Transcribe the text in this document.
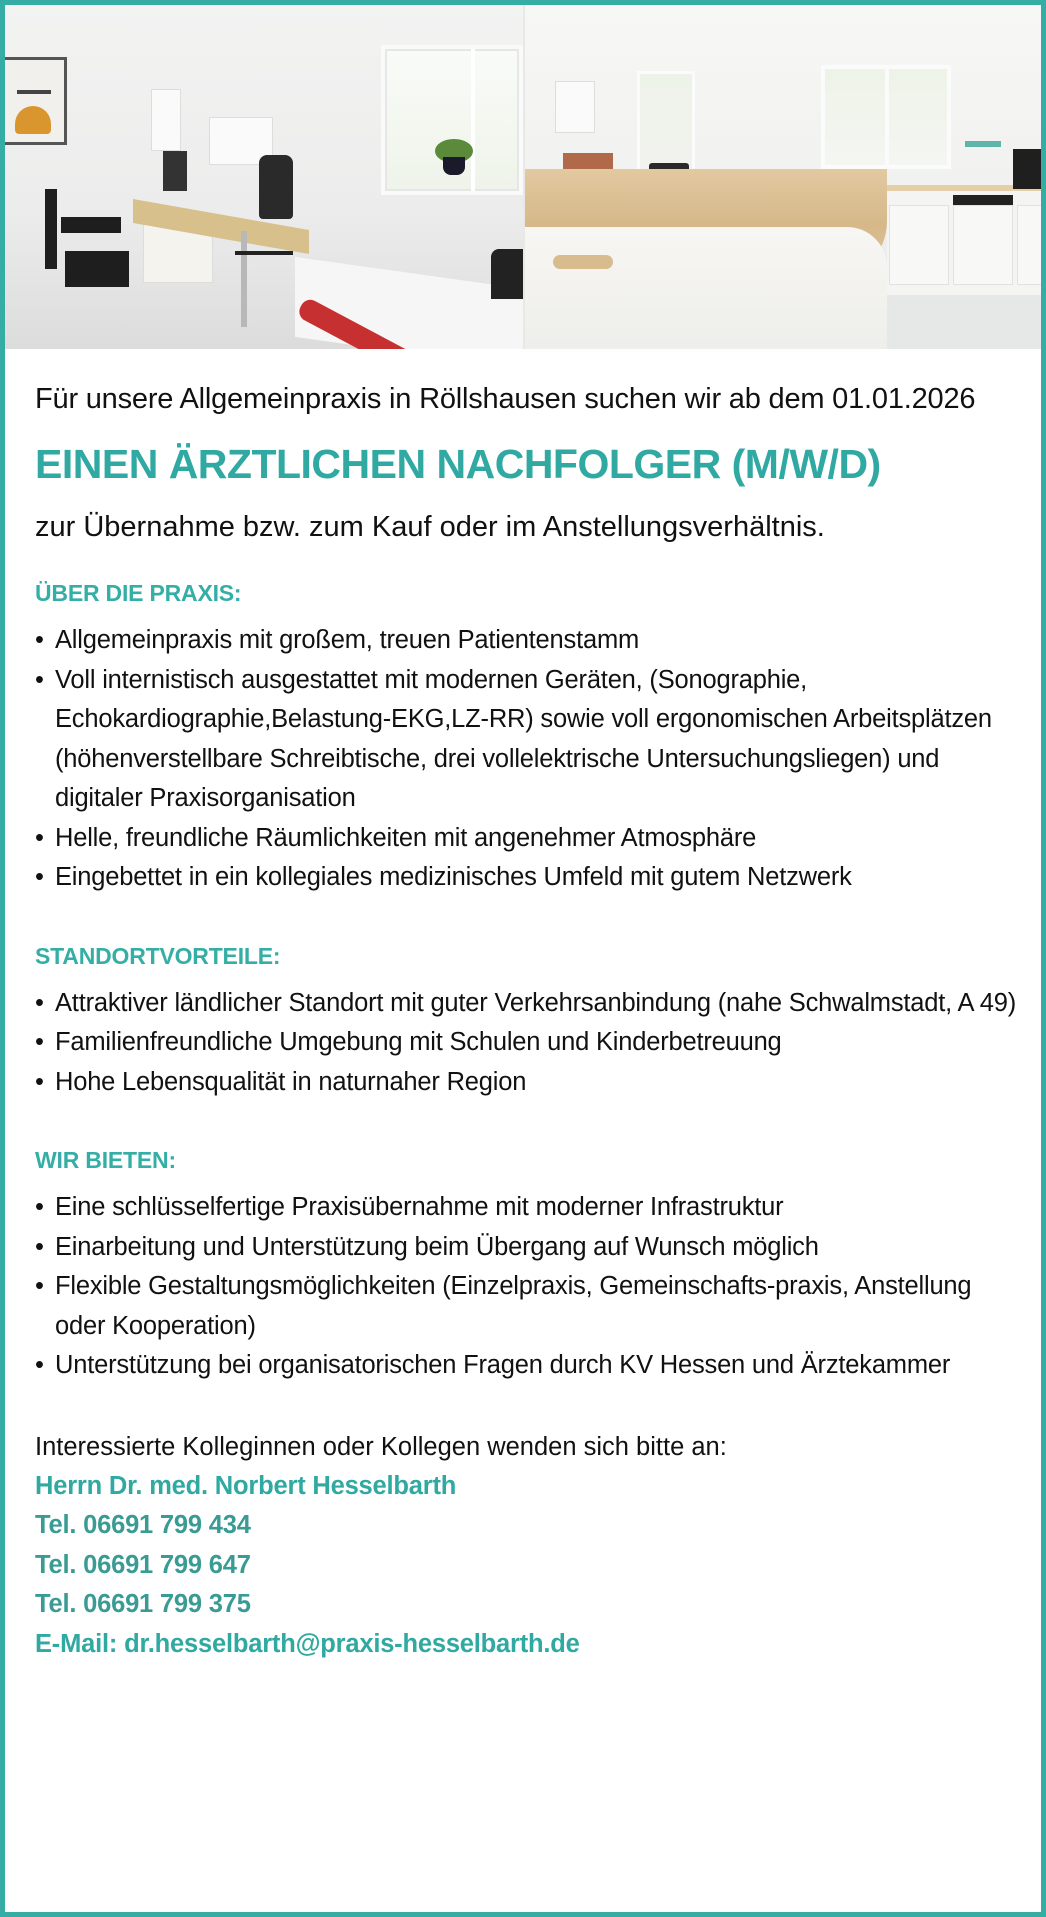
Für unsere Allgemeinpraxis in Röllshausen suchen wir ab dem 01.01.2026

EINEN ÄRZTLICHEN NACHFOLGER (M/W/D)

zur Übernahme bzw. zum Kauf oder im Anstellungsverhältnis.

ÜBER DIE PRAXIS:
• Allgemeinpraxis mit großem, treuen Patientenstamm
• Voll internistisch ausgestattet mit modernen Geräten, (Sonographie, Echokardiographie,Belastung-EKG,LZ-RR) sowie voll ergonomischen Arbeitsplätzen (höhenverstellbare Schreibtische, drei vollelektrische Untersuchungsliegen) und digitaler Praxisorganisation
• Helle, freundliche Räumlichkeiten mit angenehmer Atmosphäre
• Eingebettet in ein kollegiales medizinisches Umfeld mit gutem Netzwerk
STANDORTVORTEILE:
• Attraktiver ländlicher Standort mit guter Verkehrsanbindung (nahe Schwalmstadt, A 49)
• Familienfreundliche Umgebung mit Schulen und Kinderbetreuung
• Hohe Lebensqualität in naturnaher Region
WIR BIETEN:
• Eine schlüsselfertige Praxisübernahme mit moderner Infrastruktur
• Einarbeitung und Unterstützung beim Übergang auf Wunsch möglich
• Flexible Gestaltungsmöglichkeiten (Einzelpraxis, Gemeinschafts-praxis, Anstellung oder Kooperation)
• Unterstützung bei organisatorischen Fragen durch KV Hessen und Ärztekammer

Interessierte Kolleginnen oder Kollegen wenden sich bitte an:

Herrn Dr. med. Norbert Hesselbarth

Tel. 06691 799 434

Tel. 06691 799 647

Tel. 06691 799 375

E-Mail: dr.hesselbarth@praxis-hesselbarth.de
